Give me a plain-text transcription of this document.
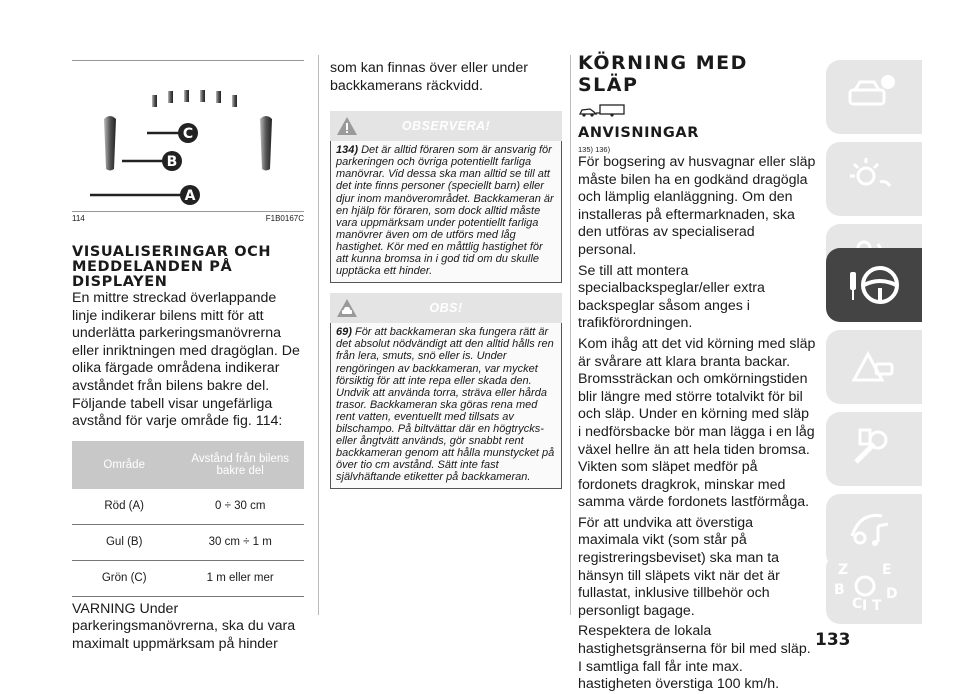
C
B
A
114	F1B0167C
VISUALISERINGAR OCH MEDDELANDEN PÅ DISPLAYEN

En mittre streckad överlappande linje indikerar bilens mitt för att underlätta parkeringsmanövrerna eller inriktningen med dragöglan. De olika färgade områdena indikerar avståndet från bilens bakre del.

Följande tabell visar ungefärliga avstånd för varje område fig. 114:

Område	Avstånd från bilens bakre del
Röd (A)	0 ÷ 30 cm
Gul (B)	30 cm ÷ 1 m
Grön (C)	1 m eller mer

VARNING Under parkeringsmanövrerna, ska du vara maximalt uppmärksam på hinder

som kan finnas över eller under backkamerans räckvidd.

OBSERVERA!
134) Det är alltid föraren som är ansvarig för parkeringen och övriga potentiellt farliga manövrar. Vid dessa ska man alltid se till att det inte finns personer (speciellt barn) eller djur inom manöverområdet. Backkameran är en hjälp för föraren, som dock alltid måste vara uppmärksam under potentiellt farliga manövrer även om de utförs med låg hastighet. Kör med en måttlig hastighet för att kunna bromsa in i god tid om du skulle upptäcka ett hinder.
OBS!
69) För att backkameran ska fungera rätt är det absolut nödvändigt att den alltid hålls ren från lera, smuts, snö eller is. Under rengöringen av backkameran, var mycket försiktig för att inte repa eller skada den. Undvik att använda torra, sträva eller hårda trasor. Backkameran ska göras rena med rent vatten, eventuellt med tillsats av bilschampo. På biltvättar där en högtrycks- eller ångtvätt används, gör snabbt rent backkameran genom att hålla munstycket på över tio cm avstånd. Sätt inte fast självhäftande etiketter på backkameran.
KÖRNING MED SLÄP
ANVISNINGAR
135) 136)

För bogsering av husvagnar eller släp måste bilen ha en godkänd dragögla och lämplig elanläggning. Om den installeras på eftermarknaden, ska den utföras av specialiserad personal.

Se till att montera specialbackspeglar/eller extra backspeglar såsom anges i trafikförordningen.

Kom ihåg att det vid körning med släp är svårare att klara branta backar. Bromssträckan och omkörningstiden blir längre med större totalvikt för bil och släp. Under en körning med släp i nedförsbacke bör man lägga i en låg växel hellre än att hela tiden bromsa. Vikten som släpet medför på fordonets dragkrok, minskar med samma värde fordonets lastförmåga.

För att undvika att överstiga maximala vikt (som står på registreringsbeviset) ska man ta hänsyn till släpets vikt när det är fullastat, inklusive tillbehör och personligt bagage.

Respektera de lokala hastighetsgränserna för bil med släp. I samtliga fall får inte max. hastigheten överstiga 100 km/h.

Z E
B
C
D
I T
133
